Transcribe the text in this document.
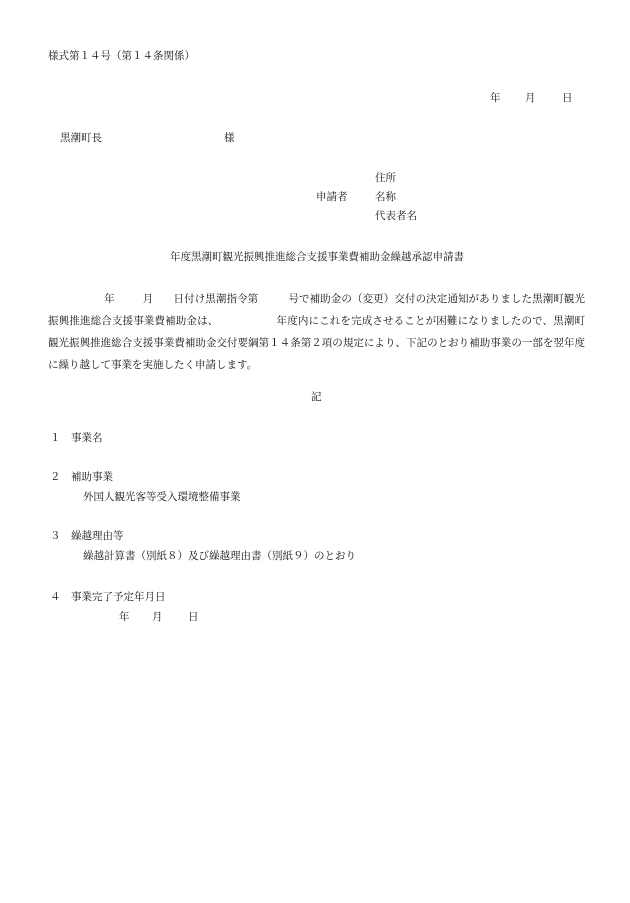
様式第１４号（第１４条関係）
年 月	日
黒潮町長	様
住所
申請者	名称
代表者名
年度黒潮町観光振興推進総合支援事業費補助金繰越承認申請書
年	月 日付け黒潮指令第	号で補助金の（変更）交付の決定通知がありました黒潮町観光振興推進総合支援事業費補助金は、	年度内にこれを完成させることが困難になりましたので、黒潮町観光振興推進総合支援事業費補助金交付要綱第１４条第２項の規定により、下記のとおり補助事業の一部を翌年度に繰り越して事業を実施したく申請します。
記
１ 事業名
２ 補助事業
外国人観光客等受入環境整備事業
３ 繰越理由等
繰越計算書（別紙８）及び繰越理由書（別紙９）のとおり
４ 事業完了予定年月日
年 月 日
